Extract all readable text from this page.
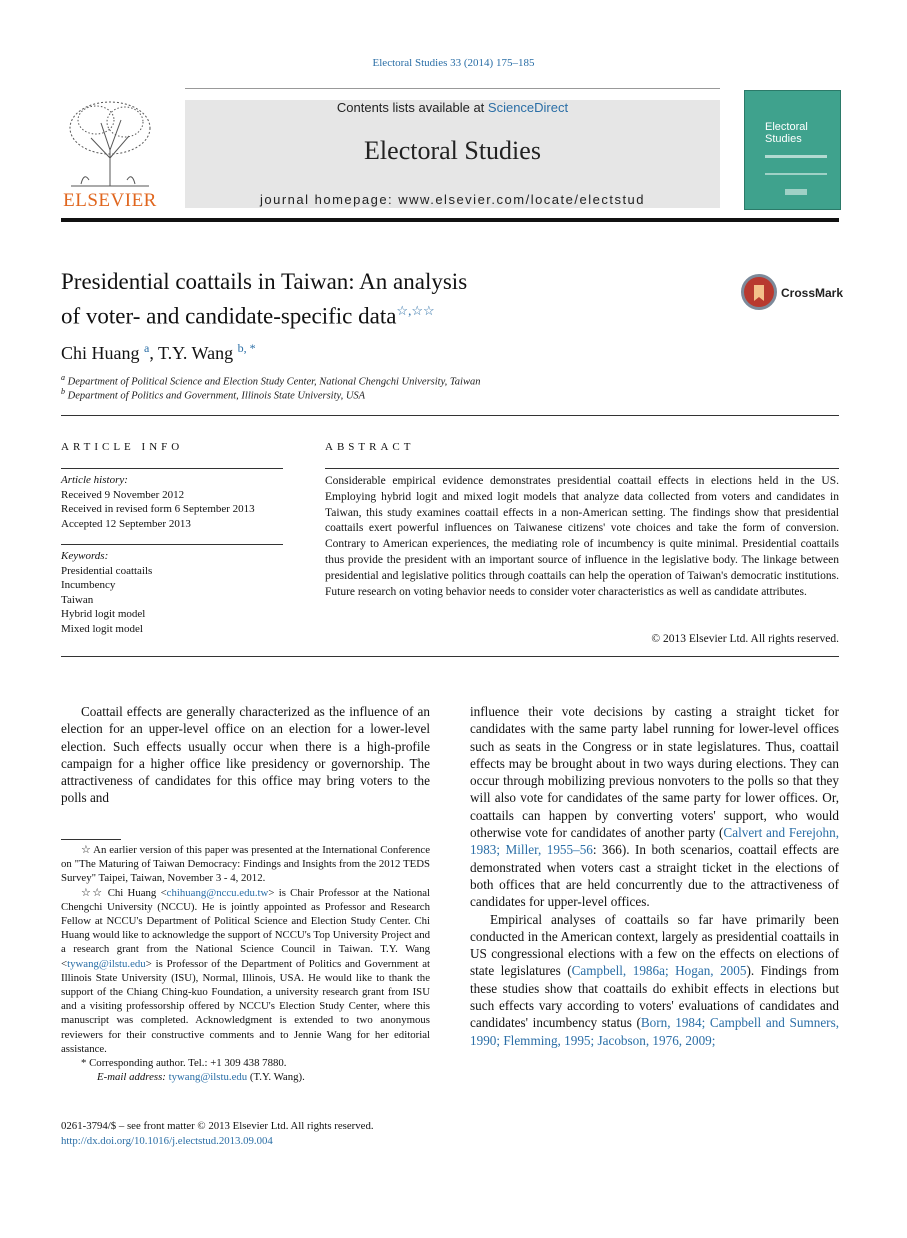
Electoral Studies 33 (2014) 175–185
ELSEVIER
Contents lists available at ScienceDirect
Electoral Studies
journal homepage: www.elsevier.com/locate/electstud
Electoral
Studies
Presidential coattails in Taiwan: An analysis
of voter- and candidate-specific data☆,☆☆
CrossMark
Chi Huang $^a$, T.Y. Wang $^{b, *}$
$^a$ Department of Political Science and Election Study Center, National Chengchi University, Taiwan
$^b$ Department of Politics and Government, Illinois State University, USA
ARTICLE INFO
Article history:
Received 9 November 2012
Received in revised form 6 September 2013
Accepted 12 September 2013
Keywords:
Presidential coattails
Incumbency
Taiwan
Hybrid logit model
Mixed logit model
ABSTRACT
Considerable empirical evidence demonstrates presidential coattail effects in elections held in the US. Employing hybrid logit and mixed logit models that analyze data collected from voters and candidates in Taiwan, this study examines coattail effects in a non-American setting. The findings show that presidential coattails exert powerful influences on Taiwanese citizens' vote choices and take the form of conversion. Contrary to American experiences, the mediating role of incumbency is quite minimal. Presidential coattails thus provide the president with an important source of influence in the legislative body. The linkage between presidential and legislative politics through coattails can help the operation of Taiwan's democratic institutions. Future research on voting behavior needs to consider voter characteristics as well as candidate attributes.
© 2013 Elsevier Ltd. All rights reserved.

Coattail effects are generally characterized as the influence of an election for an upper-level office on an election for a lower-level election. Such effects usually occur when there is a high-profile campaign for a higher office like presidency or governorship. The attractiveness of candidates for this office may bring voters to the polls and

influence their vote decisions by casting a straight ticket for candidates with the same party label running for lower-level offices such as seats in the Congress or in state legislatures. Thus, coattail effects may be brought about in two ways during elections. They can occur through mobilizing previous nonvoters to the polls so that they will also vote for candidates of the same party for lower offices. Or, coattails can happen by converting voters' support, who would otherwise vote for candidates of another party (Calvert and Ferejohn, 1983; Miller, 1955–56: 366). In both scenarios, coattail effects are demonstrated when voters cast a straight ticket in the elections of both offices that are held concurrently due to the attractiveness of candidates for upper-level offices.

Empirical analyses of coattails so far have primarily been conducted in the American context, largely as presidential coattails in US congressional elections with a few on the effects on elections of state legislatures (Campbell, 1986a; Hogan, 2005). Findings from these studies show that coattails do exhibit effects in elections but such effects vary according to voters' evaluations of candidates and candidates' incumbency status (Born, 1984; Campbell and Sumners, 1990; Flemming, 1995; Jacobson, 1976, 2009;

☆ An earlier version of this paper was presented at the International Conference on "The Maturing of Taiwan Democracy: Findings and Insights from the 2012 TEDS Survey" Taipei, Taiwan, November 3 - 4, 2012.

☆☆ Chi Huang <chihuang@nccu.edu.tw> is Chair Professor at the National Chengchi University (NCCU). He is jointly appointed as Professor and Research Fellow at NCCU's Department of Political Science and Election Study Center. Chi Huang would like to acknowledge the support of NCCU's Top University Project and a research grant from the National Science Council in Taiwan. T.Y. Wang <tywang@ilstu.edu> is Professor of the Department of Politics and Government at Illinois State University (ISU), Normal, Illinois, USA. He would like to thank the support of the Chiang Ching-kuo Foundation, a university research grant from ISU and a visiting professorship offered by NCCU's Election Study Center, where this manuscript was completed. Acknowledgment is extended to two anonymous reviewers for their constructive comments and to Jennie Wang for her editorial assistance.

* Corresponding author. Tel.: +1 309 438 7880.

E-mail address: tywang@ilstu.edu (T.Y. Wang).

0261-3794/$ – see front matter © 2013 Elsevier Ltd. All rights reserved.
http://dx.doi.org/10.1016/j.electstud.2013.09.004
